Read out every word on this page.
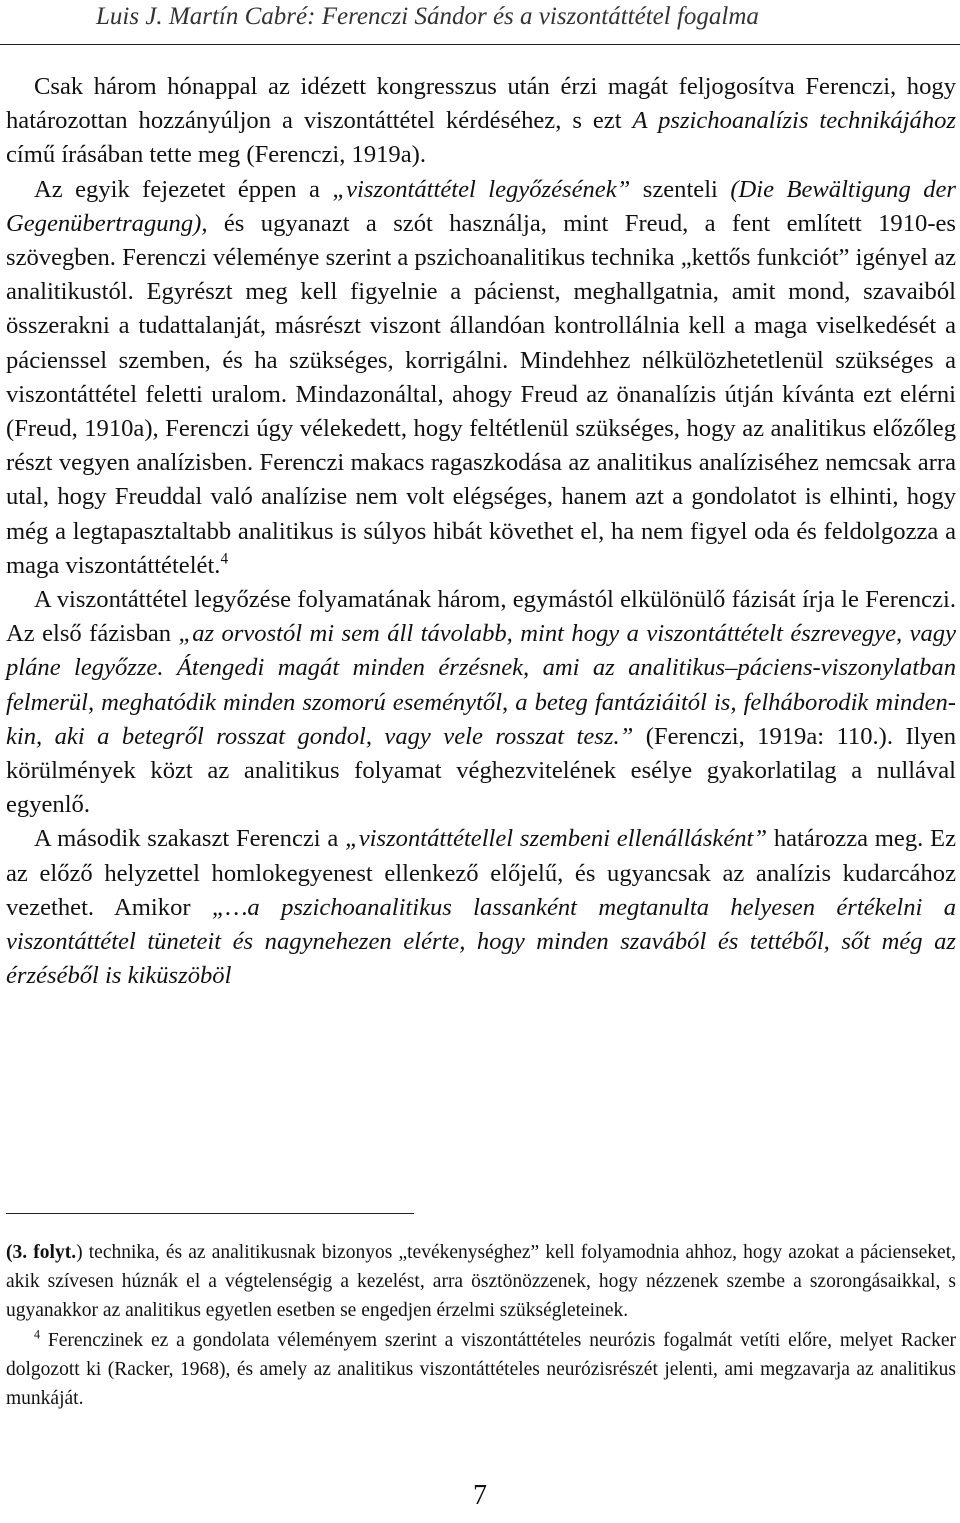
Luis J. Martín Cabré: Ferenczi Sándor és a viszontáttétel fogalma

Csak három hónappal az idézett kongresszus után érzi magát feljogosítva Ferenczi, hogy határozottan hozzányúljon a viszontáttétel kérdéséhez, s ezt A pszichoanalízis technikájához című írásában tette meg (Ferenczi, 1919a).

Az egyik fejezetet éppen a „viszontáttétel legyőzésének” szenteli (Die Bewältigung der Gegenübertragung), és ugyanazt a szót használja, mint Freud, a fent említett 1910-es szövegben. Ferenczi véleménye szerint a pszichoanalitikus technika „kettős funkciót” igényel az analitikustól. Egyrészt meg kell figyelnie a pácienst, meghallgatnia, amit mond, szavaiból összerakni a tudattalanját, másrészt viszont állandóan kontrollálnia kell a maga viselkedését a pácienssel szemben, és ha szükséges, korrigálni. Mindehhez nélkülözhetetlenül szükséges a viszontáttétel feletti uralom. Mindazonáltal, ahogy Freud az önanalízis útján kívánta ezt elérni (Freud, 1910a), Ferenczi úgy vélekedett, hogy feltétlenül szükséges, hogy az analitikus előzőleg részt vegyen analízisben. Ferenczi makacs ragaszkodása az analitikus analíziséhez nemcsak arra utal, hogy Freuddal való analízise nem volt elégséges, hanem azt a gondolatot is elhinti, hogy még a legtapasztaltabb analitikus is súlyos hibát követhet el, ha nem figyel oda és feldolgozza a maga viszontáttételét.$^4$

A viszontáttétel legyőzése folyamatának három, egymástól elkülönülő fázisát írja le Ferenczi. Az első fázisban „az orvostól mi sem áll távolabb, mint hogy a viszontáttételt észrevegye, vagy pláne legyőzze. Átengedi magát minden érzésnek, ami az analitikus–páciens-viszonylatban felmerül, meghatódik minden szomorú eseménytől, a beteg fantáziáitól is, felháborodik mindenkin, aki a betegről rosszat gondol, vagy vele rosszat tesz.” (Ferenczi, 1919a: 110.). Ilyen körülmények közt az analitikus folyamat véghezvitelének esélye gyakorlatilag a nullával egyenlő.

A második szakaszt Ferenczi a „viszontáttétellel szembeni ellenállásként” határozza meg. Ez az előző helyzettel homlokegyenest ellenkező előjelű, és ugyancsak az analízis kudarcához vezethet. Amikor „…a pszichoanalitikus lassanként megtanulta helyesen értékelni a viszontáttétel tüneteit és nagynehezen elérte, hogy minden szavából és tettéből, sőt még az érzéséből is kiküszöböl

(3. folyt.) technika, és az analitikusnak bizonyos „tevékenységhez” kell folyamodnia ahhoz, hogy azokat a pácienseket, akik szívesen húznák el a végtelenségig a kezelést, arra ösztönözzenek, hogy nézzenek szembe a szorongásaikkal, s ugyanakkor az analitikus egyetlen esetben se engedjen érzelmi szükségleteinek.

$^4$ Ferenczinek ez a gondolata véleményem szerint a viszontáttételes neurózis fogalmát vetíti előre, melyet Racker dolgozott ki (Racker, 1968), és amely az analitikus viszontáttételes neurózisrészét jelenti, ami megzavarja az analitikus munkáját.

7
